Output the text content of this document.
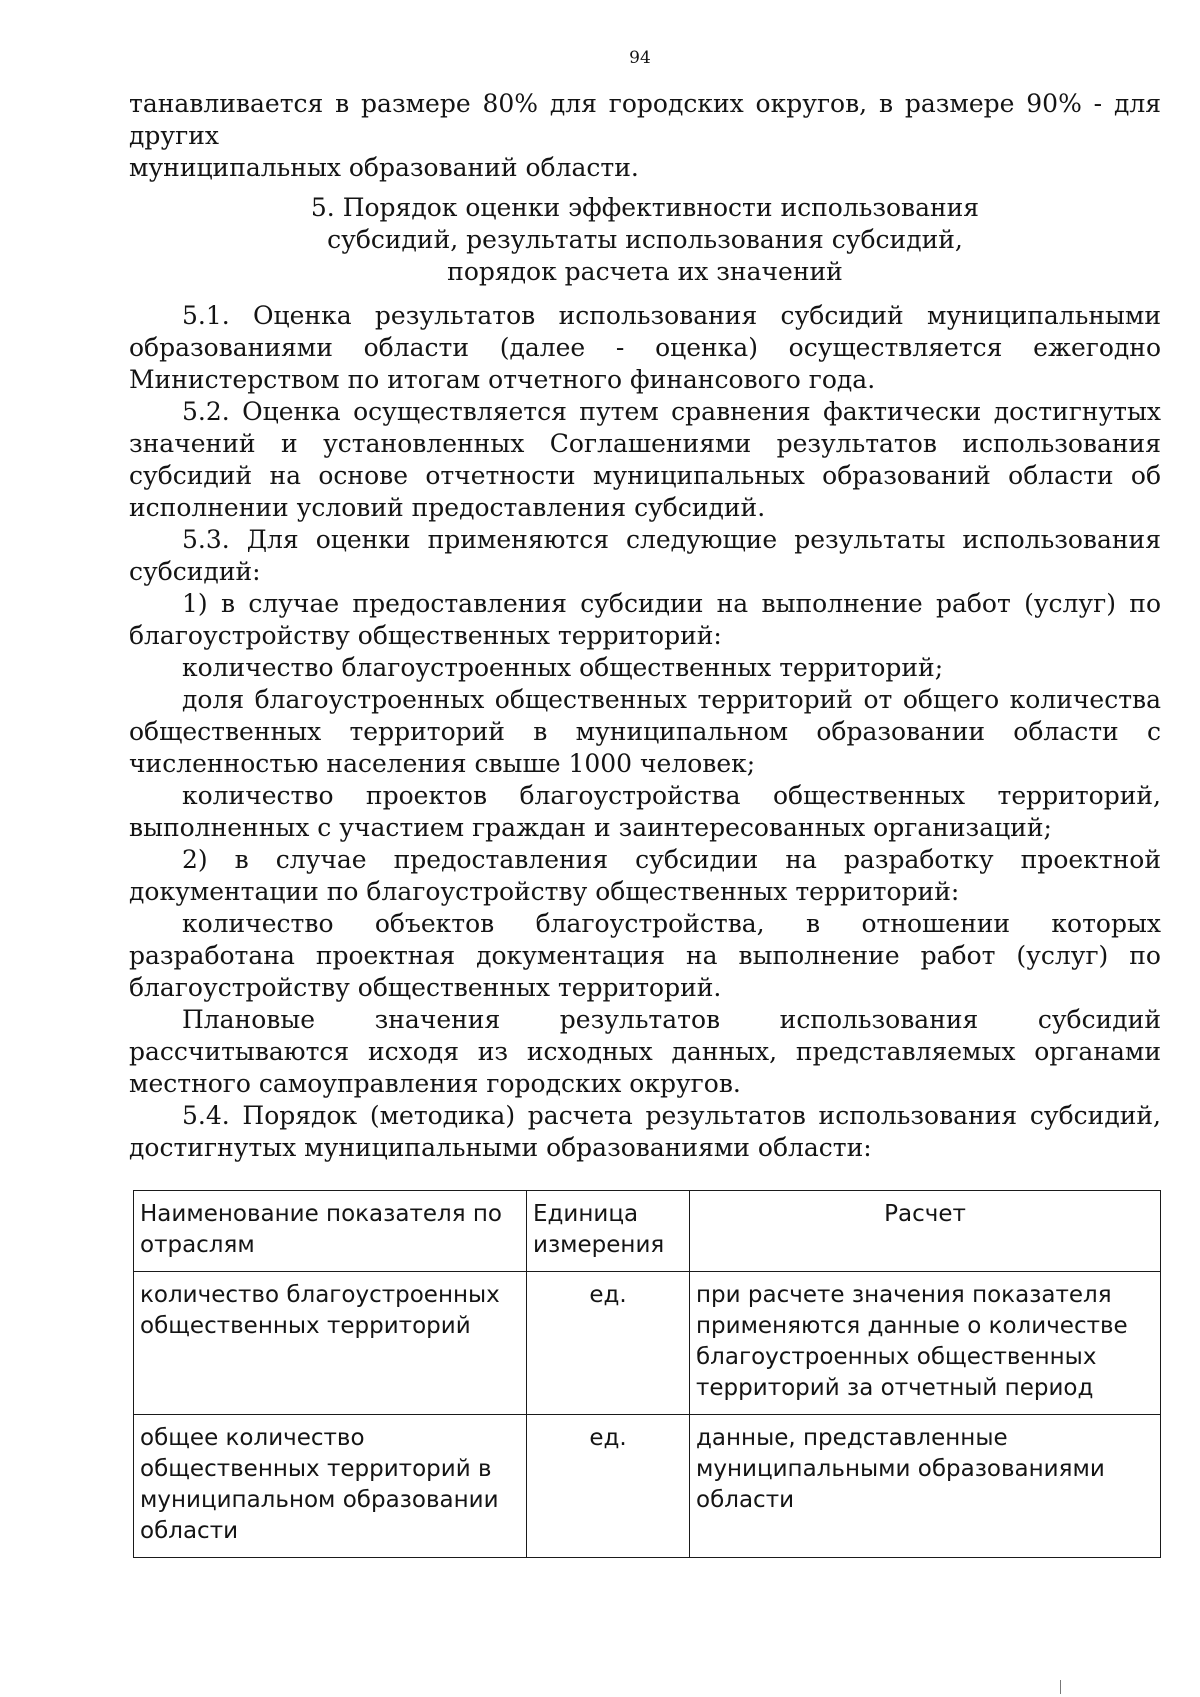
94

танавливается в размере 80% для городских округов, в размере 90% - для других

муниципальных образований области.

5. Порядок оценки эффективности использования
субсидий, результаты использования субсидий,
порядок расчета их значений

5.1. Оценка результатов использования субсидий муниципальными образованиями области (далее - оценка) осуществляется ежегодно Министерством по итогам отчетного финансового года.

5.2. Оценка осуществляется путем сравнения фактически достигнутых значений и установленных Соглашениями результатов использования субсидий на основе отчетности муниципальных образований области об исполнении условий предоставления субсидий.

5.3. Для оценки применяются следующие результаты использования субсидий:

1) в случае предоставления субсидии на выполнение работ (услуг) по благоустройству общественных территорий:

количество благоустроенных общественных территорий;

доля благоустроенных общественных территорий от общего количества общественных территорий в муниципальном образовании области с численностью населения свыше 1000 человек;

количество проектов благоустройства общественных территорий, выполненных с участием граждан и заинтересованных организаций;

2) в случае предоставления субсидии на разработку проектной документации по благоустройству общественных территорий:

количество объектов благоустройства, в отношении которых разработана проектная документация на выполнение работ (услуг) по благоустройству общественных территорий.

Плановые значения результатов использования субсидий рассчитываются исходя из исходных данных, представляемых органами местного самоуправления городских округов.

5.4. Порядок (методика) расчета результатов использования субсидий, достигнутых муниципальными образованиями области:

Наименование показателя по отраслям	Единица измерения	Расчет
количество благоустроенных общественных территорий	ед.	при расчете значения показателя применяются данные о количестве благоустроенных общественных территорий за отчетный период
общее количество общественных территорий в муниципальном образовании области	ед.	данные, представленные муниципальными образованиями области
